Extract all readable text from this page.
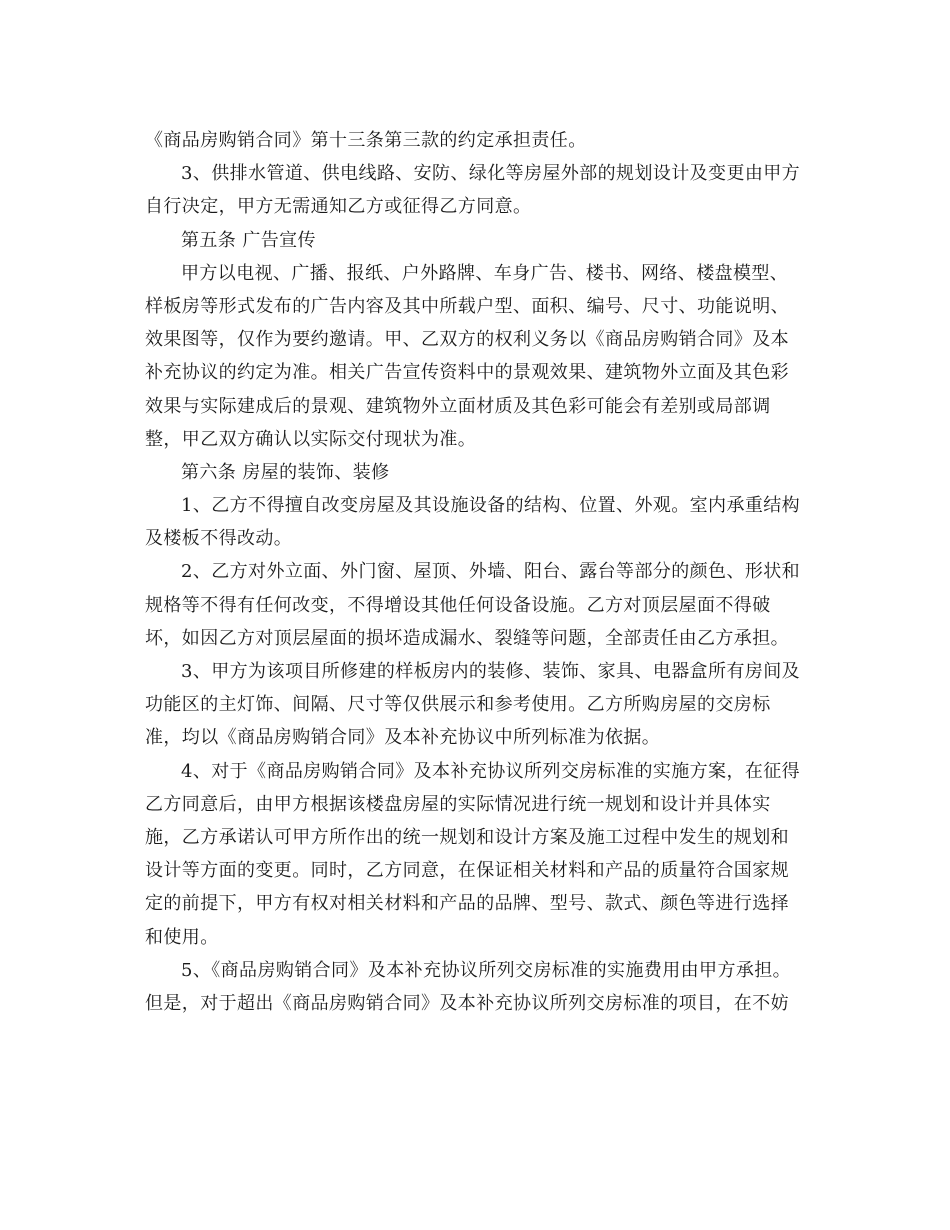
《商品房购销合同》第十三条第三款的约定承担责任。
3、供排水管道、供电线路、安防、绿化等房屋外部的规划设计及变更由甲方
自行决定，甲方无需通知乙方或征得乙方同意。
第五条 广告宣传
甲方以电视、广播、报纸、户外路牌、车身广告、楼书、网络、楼盘模型、
样板房等形式发布的广告内容及其中所载户型、面积、编号、尺寸、功能说明、
效果图等，仅作为要约邀请。甲、乙双方的权利义务以《商品房购销合同》及本
补充协议的约定为准。相关广告宣传资料中的景观效果、建筑物外立面及其色彩
效果与实际建成后的景观、建筑物外立面材质及其色彩可能会有差别或局部调
整，甲乙双方确认以实际交付现状为准。
第六条 房屋的装饰、装修
1、乙方不得擅自改变房屋及其设施设备的结构、位置、外观。室内承重结构
及楼板不得改动。
2、乙方对外立面、外门窗、屋顶、外墙、阳台、露台等部分的颜色、形状和
规格等不得有任何改变，不得增设其他任何设备设施。乙方对顶层屋面不得破
坏，如因乙方对顶层屋面的损坏造成漏水、裂缝等问题，全部责任由乙方承担。
3、甲方为该项目所修建的样板房内的装修、装饰、家具、电器盒所有房间及
功能区的主灯饰、间隔、尺寸等仅供展示和参考使用。乙方所购房屋的交房标
准，均以《商品房购销合同》及本补充协议中所列标准为依据。
4、对于《商品房购销合同》及本补充协议所列交房标准的实施方案，在征得
乙方同意后，由甲方根据该楼盘房屋的实际情况进行统一规划和设计并具体实
施，乙方承诺认可甲方所作出的统一规划和设计方案及施工过程中发生的规划和
设计等方面的变更。同时，乙方同意，在保证相关材料和产品的质量符合国家规
定的前提下，甲方有权对相关材料和产品的品牌、型号、款式、颜色等进行选择
和使用。
5、《商品房购销合同》及本补充协议所列交房标准的实施费用由甲方承担。
但是，对于超出《商品房购销合同》及本补充协议所列交房标准的项目，在不妨
